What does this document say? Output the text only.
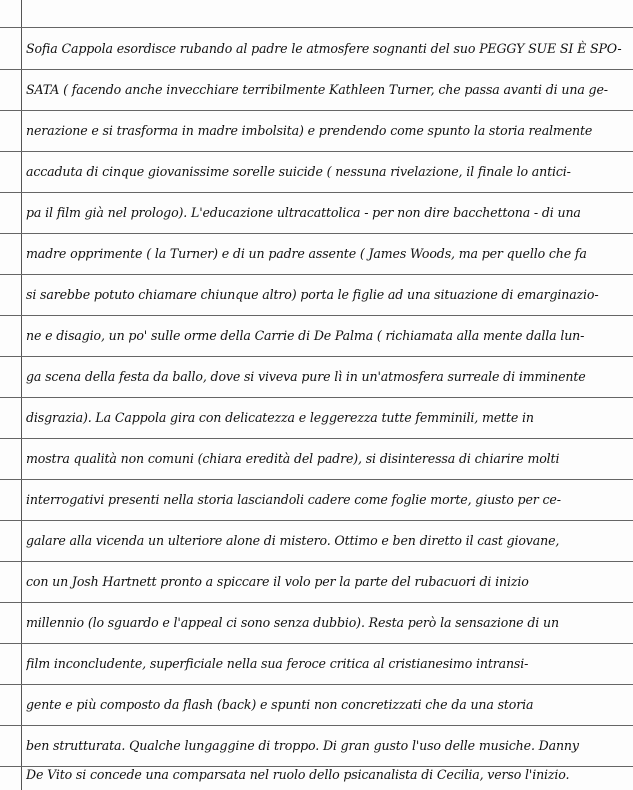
Sofia Cappola esordisce rubando al padre le atmosfere sognanti del suo PEGGY SUE SI È SPO-
SATA ( facendo anche invecchiare terribilmente Kathleen Turner, che passa avanti di una ge-
nerazione e si trasforma in madre imbolsita) e prendendo come spunto la storia realmente
accaduta di cinque giovanissime sorelle suicide ( nessuna rivelazione, il finale lo antici-
pa il film già nel prologo). L'educazione ultracattolica - per non dire bacchettona - di una
madre opprimente ( la Turner) e di un padre assente ( James Woods, ma per quello che fa
si sarebbe potuto chiamare chiunque altro) porta le figlie ad una situazione di emarginazio-
ne e disagio, un po' sulle orme della Carrie di De Palma ( richiamata alla mente dalla lun-
ga scena della festa da ballo, dove si viveva pure lì in un'atmosfera surreale di imminente
disgrazia). La Cappola gira con delicatezza e leggerezza tutte femminili, mette in
mostra qualità non comuni (chiara eredità del padre), si disinteressa di chiarire molti
interrogativi presenti nella storia lasciandoli cadere come foglie morte, giusto per ce-
galare alla vicenda un ulteriore alone di mistero. Ottimo e ben diretto il cast giovane,
con un Josh Hartnett pronto a spiccare il volo per la parte del rubacuori di inizio
millennio (lo sguardo e l'appeal ci sono senza dubbio). Resta però la sensazione di un
film inconcludente, superficiale nella sua feroce critica al cristianesimo intransi-
gente e più composto da flash (back) e spunti non concretizzati che da una storia
ben strutturata. Qualche lungaggine di troppo. Di gran gusto l'uso delle musiche. Danny
De Vito si concede una comparsata nel ruolo dello psicanalista di Cecilia, verso l'inizio.
